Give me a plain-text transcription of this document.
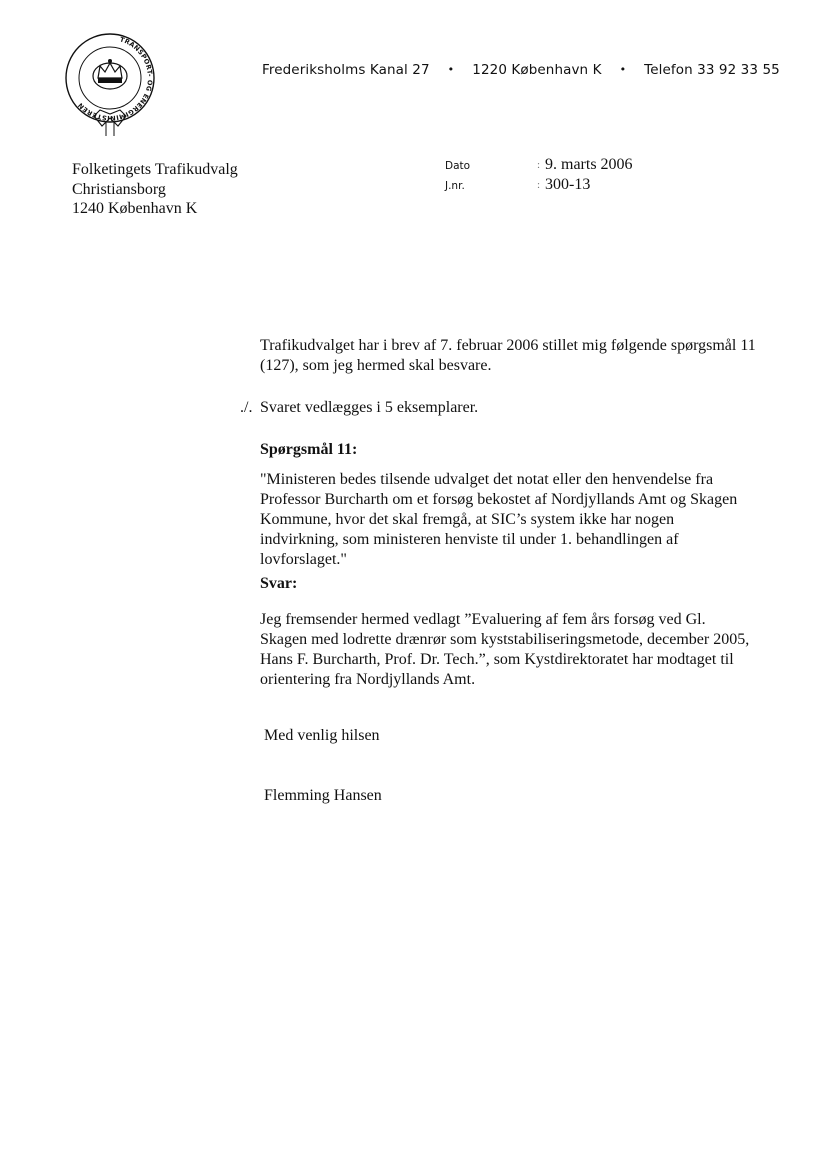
TRANSPORT- OG ENERGIMINISTEREN
Frederiksholms Kanal 27 • 1220 København K • Telefon 33 92 33 55
Folketingets Trafikudvalg
Christiansborg
1240 København K
Dato	: 9. marts 2006
J.nr.	: 300-13

Trafikudvalget har i brev af 7. februar 2006 stillet mig følgende spørgsmål 11 (127), som jeg hermed skal besvare.

./. Svaret vedlægges i 5 eksemplarer.

Spørgsmål 11:

"Ministeren bedes tilsende udvalget det notat eller den henvendelse fra Professor Burcharth om et forsøg bekostet af Nordjyllands Amt og Skagen Kommune, hvor det skal fremgå, at SIC’s system ikke har nogen indvirkning, som ministeren henviste til under 1. behandlingen af lovforslaget."

Svar:

Jeg fremsender hermed vedlagt ”Evaluering af fem års forsøg ved Gl. Skagen med lodrette drænrør som kyststabiliseringsmetode, december 2005, Hans F. Burcharth, Prof. Dr. Tech.”, som Kystdirektoratet har modtaget til orientering fra Nordjyllands Amt.

Med venlig hilsen

Flemming Hansen
